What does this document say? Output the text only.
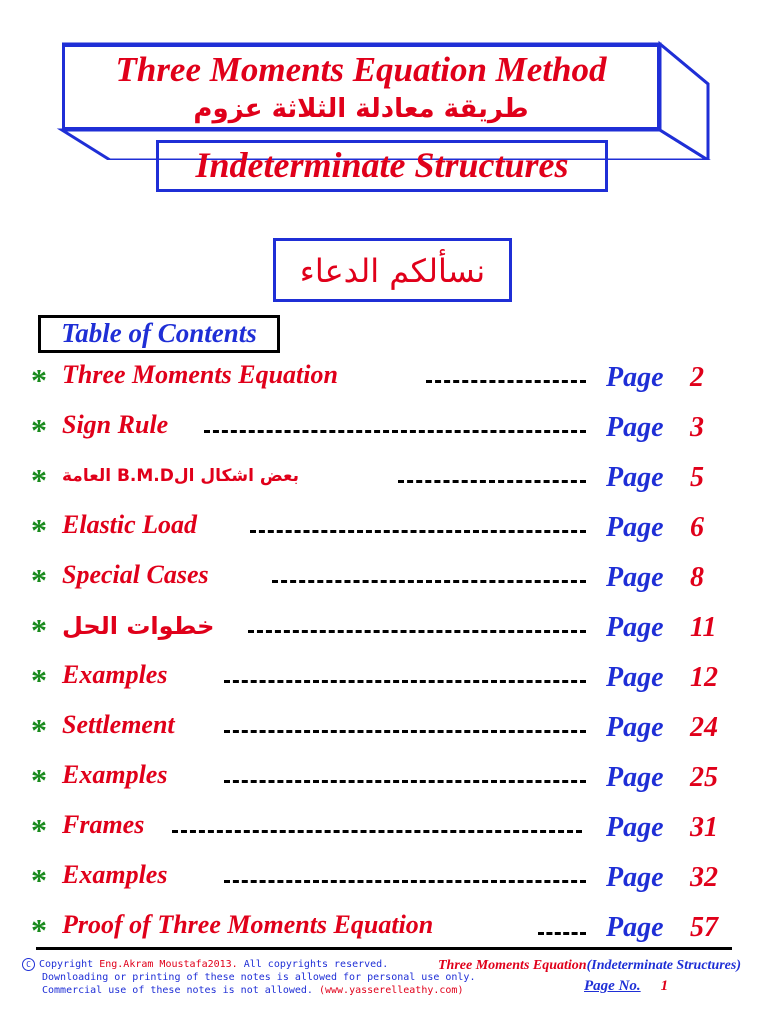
Three Moments Equation Method
طريقة معادلة الثلاثة عزوم
Indeterminate Structures
نسألكم الدعاء
Table of Contents
* Three Moments Equation	Page 2
* Sign Rule	Page 3
* بعض اشكال الB.M.D العامة	Page 5
* Elastic Load	Page 6
* Special Cases	Page 8
* خطوات الحل	Page 11
* Examples	Page 12
* Settlement	Page 24
* Examples	Page 25
* Frames	Page 31
* Examples	Page 32
* Proof of Three Moments Equation	Page 57
C Copyright Eng.Akram Moustafa2013. All copyrights reserved.
Downloading or printing of these notes is allowed for personal use only.
Commercial use of these notes is not allowed. (www.yasserelleathy.com)
Three Moments Equation(Indeterminate Structures)
Page No. 1
